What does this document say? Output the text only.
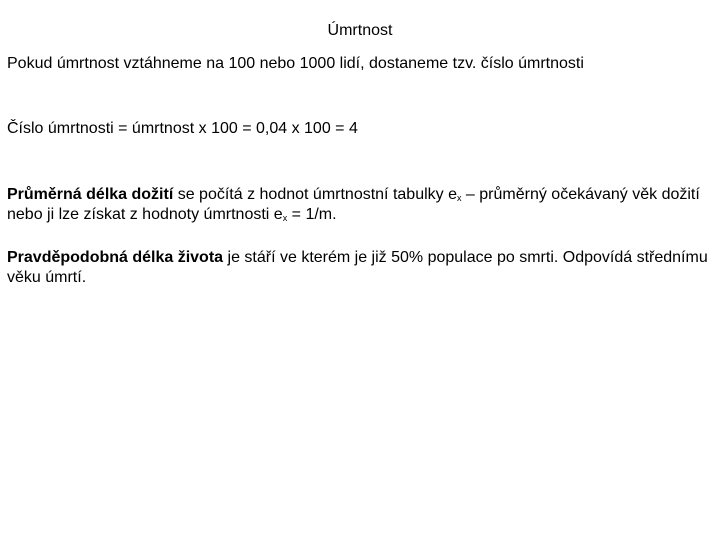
Úmrtnost

Pokud úmrtnost vztáhneme na 100 nebo 1000 lidí, dostaneme tzv. číslo úmrtnosti

Číslo úmrtnosti = úmrtnost x 100 = 0,04 x 100 = 4

Průměrná délka dožití se počítá z hodnot úmrtnostní tabulky $e_x$ – průměrný očekávaný věk dožití nebo ji lze získat z hodnoty úmrtnosti $e_x = 1/m$.

Pravděpodobná délka života je stáří ve kterém je již 50% populace po smrti. Odpovídá střednímu věku úmrtí.
